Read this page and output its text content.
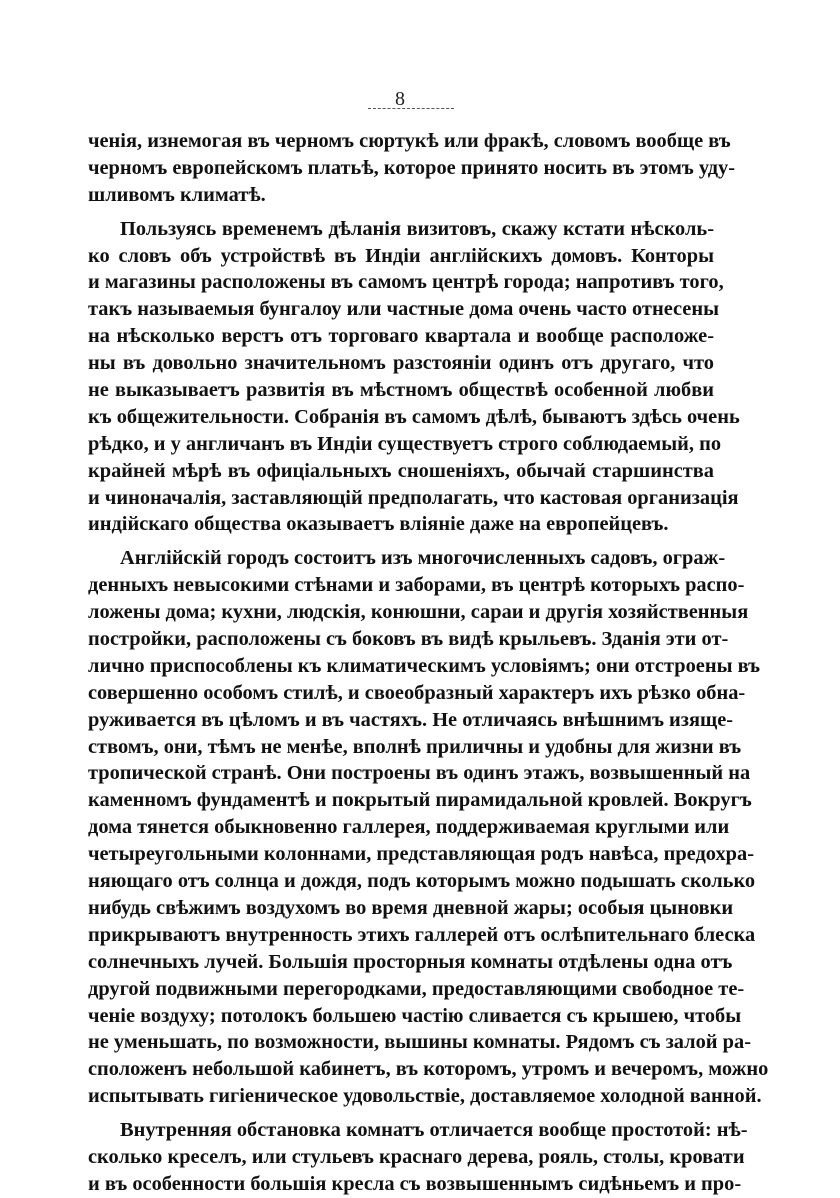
8
ченія, изнемогая въ черномъ сюртукѣ или фракѣ, словомъ вообще въ
черномъ европейскомъ платьѣ, которое принято носить въ этомъ уду-
шливомъ климатѣ.
Пользуясь временемъ дѣланія визитовъ, скажу кстати нѣсколь-
ко словъ объ устройствѣ въ Индіи англійскихъ домовъ. Конторы
и магазины расположены въ самомъ центрѣ города; напротивъ того,
такъ называемыя бунгалоу или частные дома очень часто отнесены
на нѣсколько верстъ отъ торговаго квартала и вообще расположе-
ны въ довольно значительномъ разстояніи одинъ отъ другаго, что
не выказываетъ развитія въ мѣстномъ обществѣ особенной любви
къ общежительности. Собранія въ самомъ дѣлѣ, бываютъ здѣсь очень
рѣдко, и у англичанъ въ Индіи существуетъ строго соблюдаемый, по
крайней мѣрѣ въ офиціальныхъ сношеніяхъ, обычай старшинства
и чиноначалія, заставляющій предполагать, что кастовая организація
индійскаго общества оказываетъ вліяніе даже на европейцевъ.
Англійскій городъ состоитъ изъ многочисленныхъ садовъ, ограж-
денныхъ невысокими стѣнами и заборами, въ центрѣ которыхъ распо-
ложены дома; кухни, людскія, конюшни, сараи и другія хозяйственныя
постройки, расположены съ боковъ въ видѣ крыльевъ. Зданія эти от-
лично приспособлены къ климатическимъ условіямъ; они отстроены въ
совершенно особомъ стилѣ, и своеобразный характеръ ихъ рѣзко обна-
руживается въ цѣломъ и въ частяхъ. Не отличаясь внѣшнимъ изяще-
ствомъ, они, тѣмъ не менѣе, вполнѣ приличны и удобны для жизни въ
тропической странѣ. Они построены въ одинъ этажъ, возвышенный на
каменномъ фундаментѣ и покрытый пирамидальной кровлей. Вокругъ
дома тянется обыкновенно галлерея, поддерживаемая круглыми или
четыреугольными колоннами, представляющая родъ навѣса, предохра-
няющаго отъ солнца и дождя, подъ которымъ можно подышать сколько
нибудь свѣжимъ воздухомъ во время дневной жары; особыя цыновки
прикрываютъ внутренность этихъ галлерей отъ ослѣпительнаго блеска
солнечныхъ лучей. Большія просторныя комнаты отдѣлены одна отъ
другой подвижными перегородками, предоставляющими свободное те-
ченіе воздуху; потолокъ большею частію сливается съ крышею, чтобы
не уменьшать, по возможности, вышины комнаты. Рядомъ съ залой ра-
сположенъ небольшой кабинетъ, въ которомъ, утромъ и вечеромъ, можно
испытывать гигіеническое удовольствіе, доставляемое холодной ванной.
Внутренняя обстановка комнатъ отличается вообще простотой: нѣ-
сколько креселъ, или стульевъ краснаго дерева, рояль, столы, кровати
и въ особенности большія кресла съ возвышеннымъ сидѣньемъ и про-
